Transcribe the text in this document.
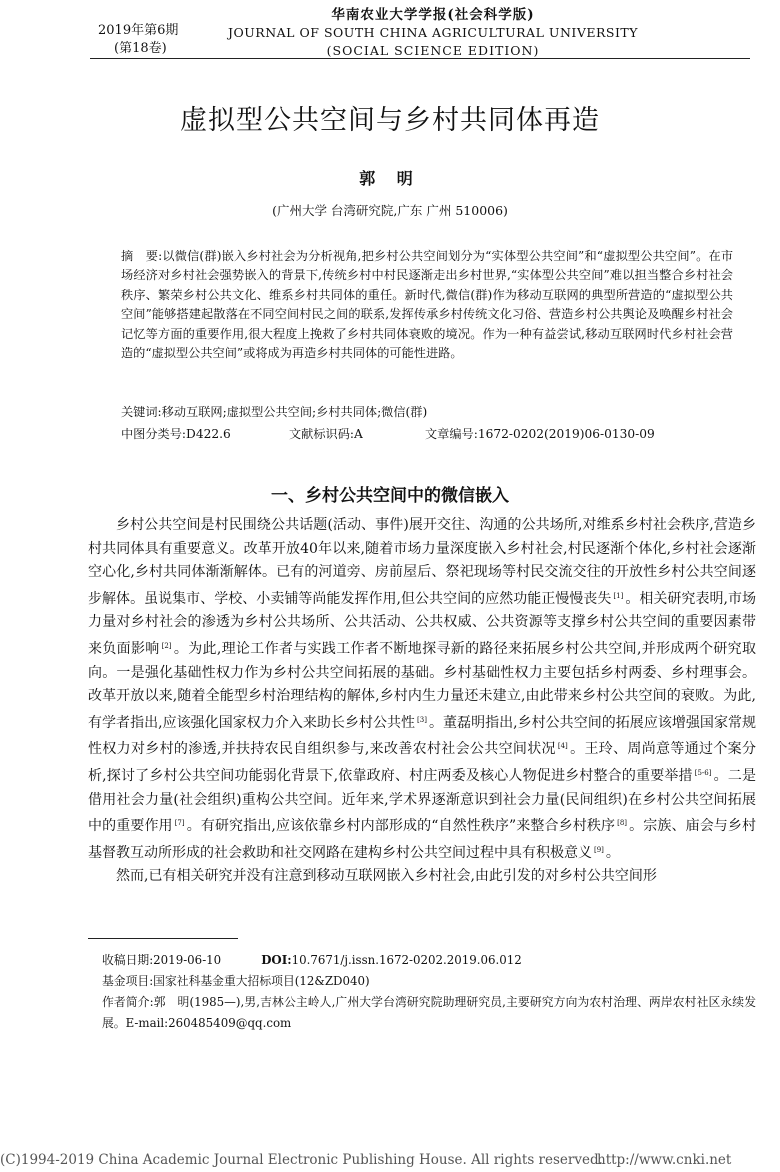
2019年第6期
(第18卷)
华南农业大学学报(社会科学版)
JOURNAL OF SOUTH CHINA AGRICULTURAL UNIVERSITY
(SOCIAL SCIENCE EDITION)
虚拟型公共空间与乡村共同体再造
郭 明
(广州大学 台湾研究院,广东 广州 510006)
摘　要:以微信(群)嵌入乡村社会为分析视角,把乡村公共空间划分为“实体型公共空间”和“虚拟型公共空间”。在市场经济对乡村社会强势嵌入的背景下,传统乡村中村民逐渐走出乡村世界,“实体型公共空间”难以担当整合乡村社会秩序、繁荣乡村公共文化、维系乡村共同体的重任。新时代,微信(群)作为移动互联网的典型所营造的“虚拟型公共空间”能够搭建起散落在不同空间村民之间的联系,发挥传承乡村传统文化习俗、营造乡村公共舆论及唤醒乡村社会记忆等方面的重要作用,很大程度上挽救了乡村共同体衰败的境况。作为一种有益尝试,移动互联网时代乡村社会营造的“虚拟型公共空间”或将成为再造乡村共同体的可能性进路。
关键词:移动互联网;虚拟型公共空间;乡村共同体;微信(群)
中图分类号:D422.6	文献标识码:A	文章编号:1672-0202(2019)06-0130-09
一、乡村公共空间中的微信嵌入

乡村公共空间是村民围绕公共话题(活动、事件)展开交往、沟通的公共场所,对维系乡村社会秩序,营造乡村共同体具有重要意义。改革开放40年以来,随着市场力量深度嵌入乡村社会,村民逐渐个体化,乡村社会逐渐空心化,乡村共同体渐渐解体。已有的河道旁、房前屋后、祭祀现场等村民交流交往的开放性乡村公共空间逐步解体。虽说集市、学校、小卖铺等尚能发挥作用,但公共空间的应然功能正慢慢丧失 [1] 。相关研究表明,市场力量对乡村社会的渗透为乡村公共场所、公共活动、公共权威、公共资源等支撑乡村公共空间的重要因素带来负面影响 [2] 。为此,理论工作者与实践工作者不断地探寻新的路径来拓展乡村公共空间,并形成两个研究取向。一是强化基础性权力作为乡村公共空间拓展的基础。乡村基础性权力主要包括乡村两委、乡村理事会。改革开放以来,随着全能型乡村治理结构的解体,乡村内生力量还未建立,由此带来乡村公共空间的衰败。为此,有学者指出,应该强化国家权力介入来助长乡村公共性 [3] 。董磊明指出,乡村公共空间的拓展应该增强国家常规性权力对乡村的渗透,并扶持农民自组织参与,来改善农村社会公共空间状况 [4] 。王玲、周尚意等通过个案分析,探讨了乡村公共空间功能弱化背景下,依靠政府、村庄两委及核心人物促进乡村整合的重要举措 [5-6] 。二是借用社会力量(社会组织)重构公共空间。近年来,学术界逐渐意识到社会力量(民间组织)在乡村公共空间拓展中的重要作用 [7] 。有研究指出,应该依靠乡村内部形成的“自然性秩序”来整合乡村秩序 [8] 。宗族、庙会与乡村基督教互动所形成的社会救助和社交网路在建构乡村公共空间过程中具有积极意义 [9] 。

然而,已有相关研究并没有注意到移动互联网嵌入乡村社会,由此引发的对乡村公共空间形

收稿日期:2019-06-10	DOI:10.7671/j.issn.1672-0202.2019.06.012

基金项目:国家社科基金重大招标项目(12&ZD040)

作者简介:郭　明(1985—),男,吉林公主岭人,广州大学台湾研究院助理研究员,主要研究方向为农村治理、两岸农村社区永续发展。E-mail:260485409@qq.com

(C)1994-2019 China Academic Journal Electronic Publishing House. All rights reserved.
http://www.cnki.net
